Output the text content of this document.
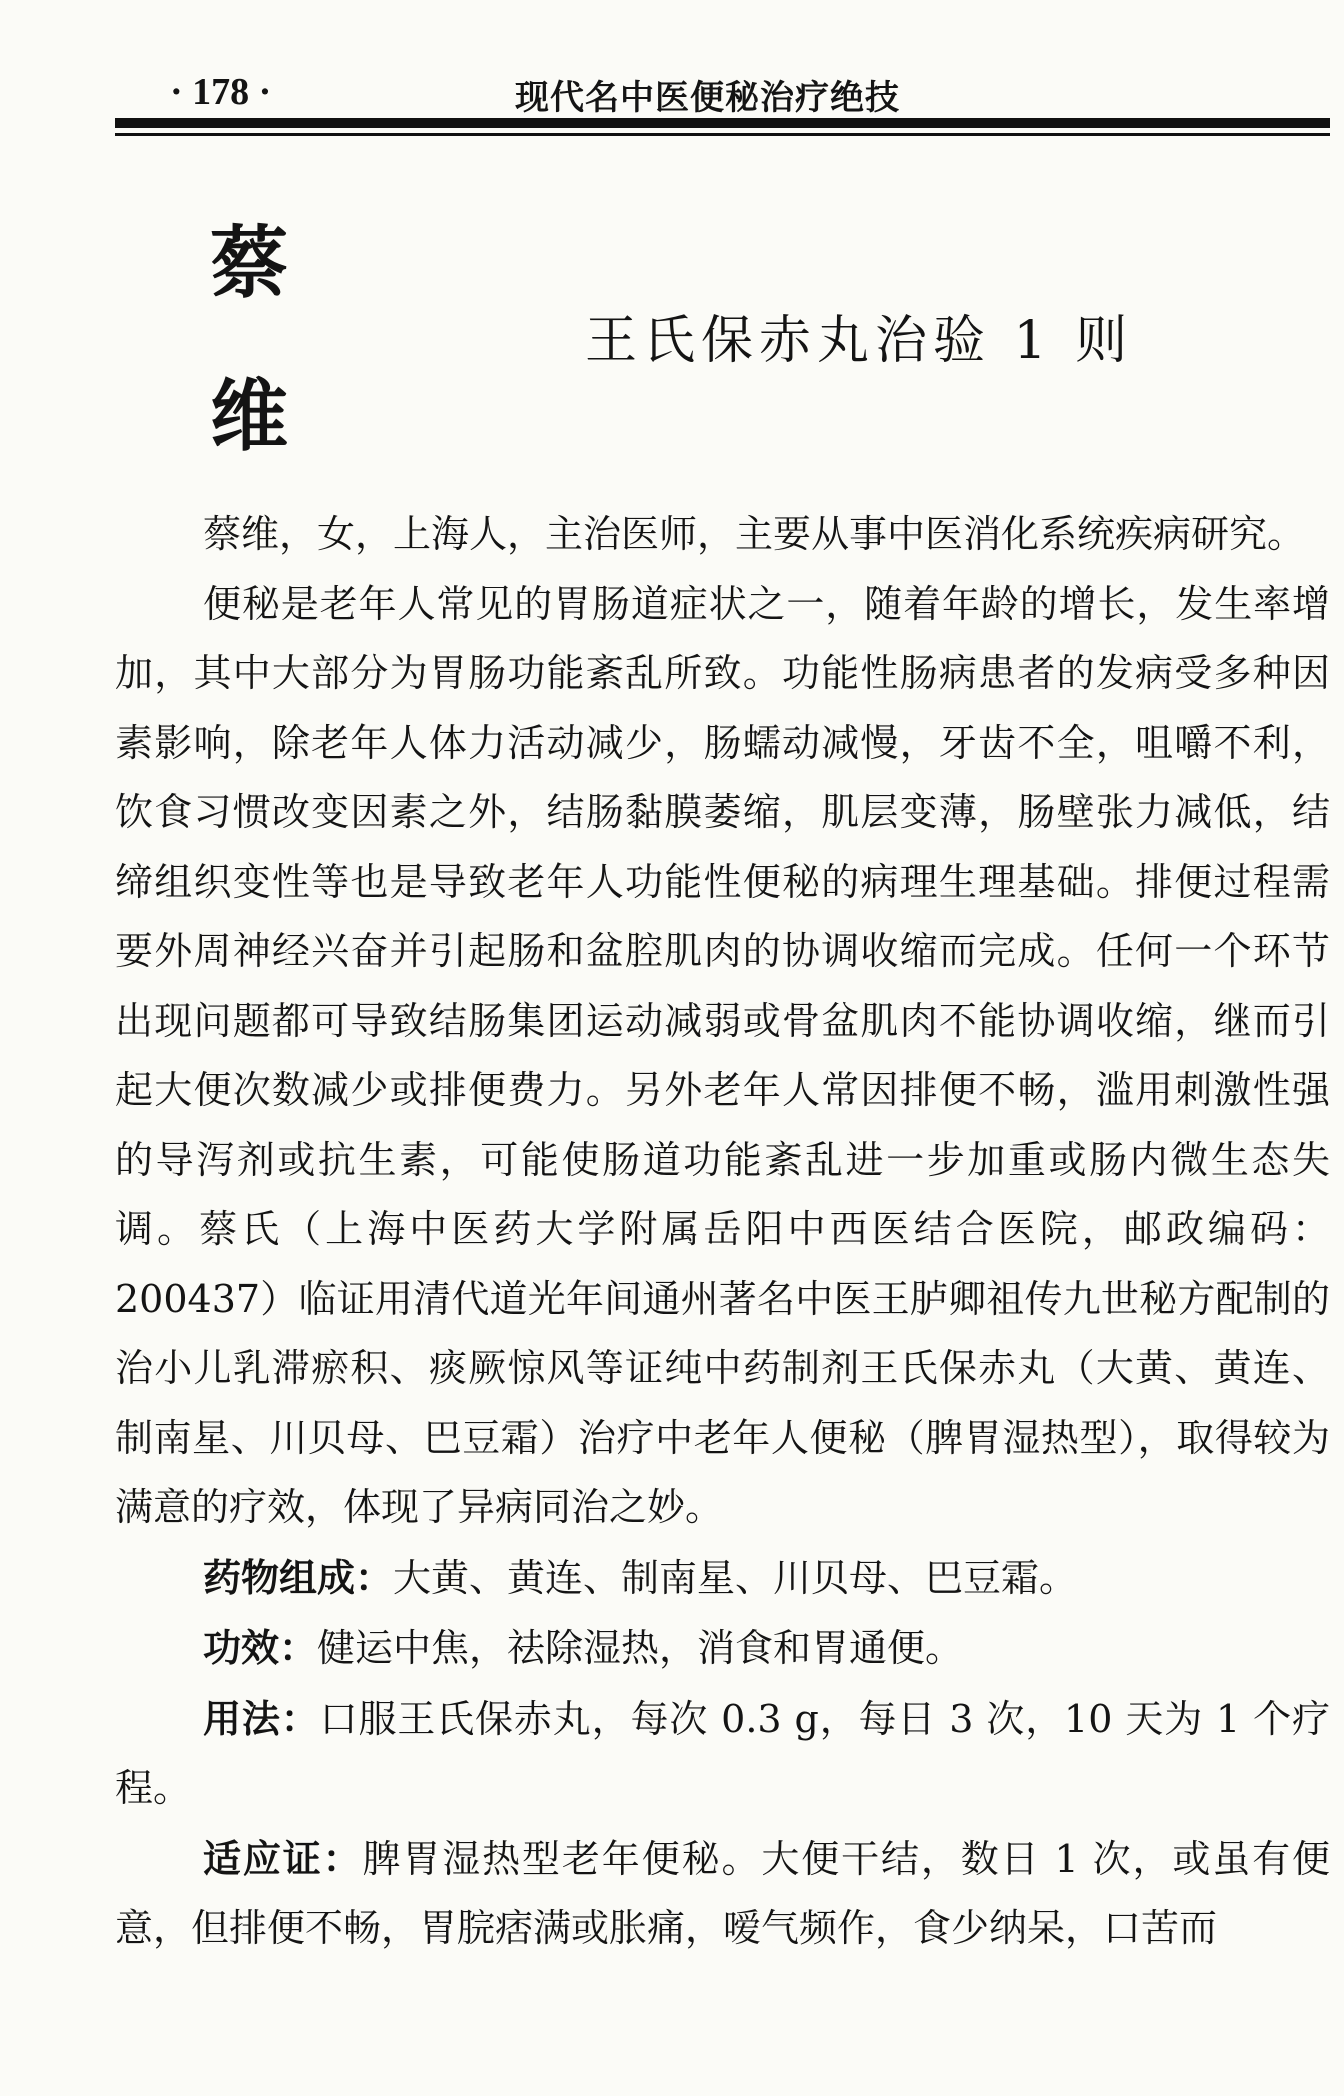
· 178 ·	现代名中医便秘治疗绝技
蔡
维
王氏保赤丸治验 1 则

蔡维，女，上海人，主治医师，主要从事中医消化系统疾病研究。

便秘是老年人常见的胃肠道症状之一，随着年龄的增长，发生率增加，其中大部分为胃肠功能紊乱所致。功能性肠病患者的发病受多种因素影响，除老年人体力活动减少，肠蠕动减慢，牙齿不全，咀嚼不利，饮食习惯改变因素之外，结肠黏膜萎缩，肌层变薄，肠壁张力减低，结缔组织变性等也是导致老年人功能性便秘的病理生理基础。排便过程需要外周神经兴奋并引起肠和盆腔肌肉的协调收缩而完成。任何一个环节出现问题都可导致结肠集团运动减弱或骨盆肌肉不能协调收缩，继而引起大便次数减少或排便费力。另外老年人常因排便不畅，滥用刺激性强的导泻剂或抗生素，可能使肠道功能紊乱进一步加重或肠内微生态失调。蔡氏（上海中医药大学附属岳阳中西医结合医院，邮政编码：200437）临证用清代道光年间通州著名中医王胪卿祖传九世秘方配制的治小儿乳滞瘀积、痰厥惊风等证纯中药制剂王氏保赤丸（大黄、黄连、制南星、川贝母、巴豆霜）治疗中老年人便秘（脾胃湿热型），取得较为满意的疗效，体现了异病同治之妙。

药物组成：大黄、黄连、制南星、川贝母、巴豆霜。

功效：健运中焦，祛除湿热，消食和胃通便。

用法：口服王氏保赤丸，每次 0.3 g，每日 3 次，10 天为 1 个疗程。

适应证：脾胃湿热型老年便秘。大便干结，数日 1 次，或虽有便意，但排便不畅，胃脘痞满或胀痛，嗳气频作，食少纳呆，口苦而
